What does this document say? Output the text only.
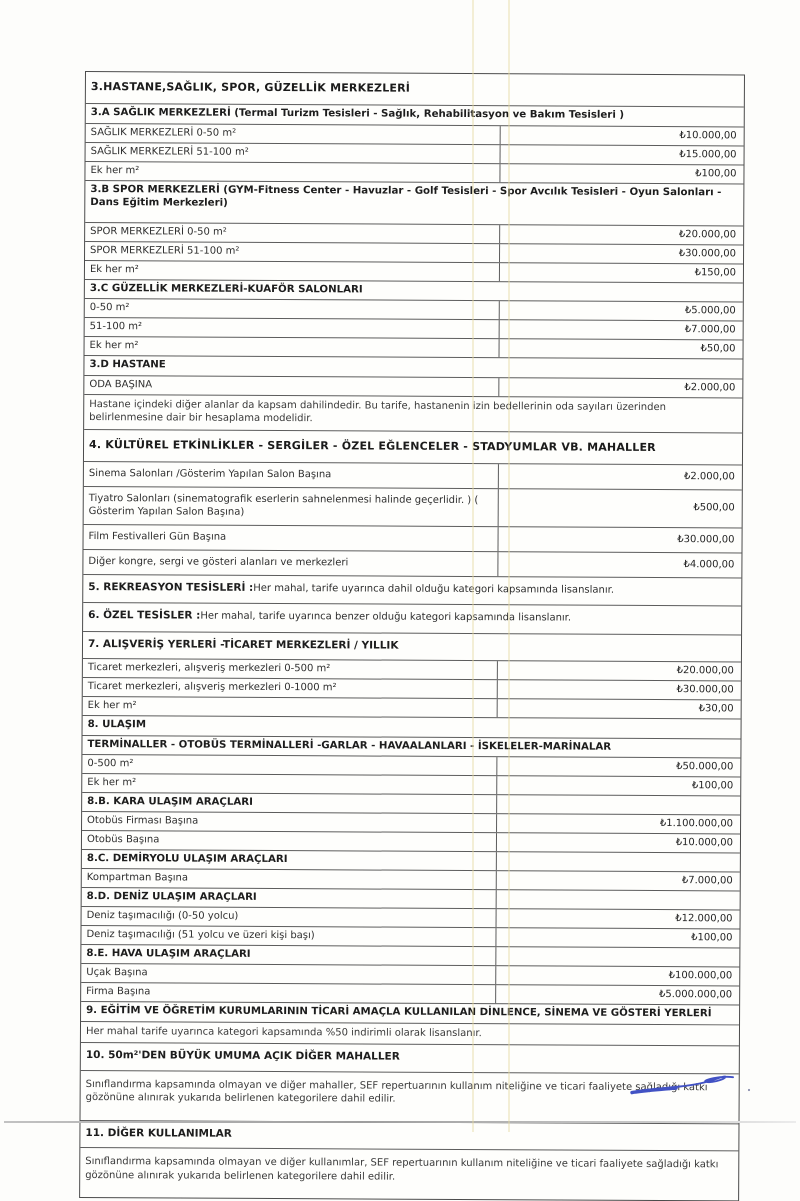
3.HASTANE,SAĞLIK, SPOR, GÜZELLİK MERKEZLERİ
3.A SAĞLIK MERKEZLERİ (Termal Turizm Tesisleri - Sağlık, Rehabilitasyon ve Bakım Tesisleri )
SAĞLIK MERKEZLERİ 0-50 m²	₺10.000,00
SAĞLIK MERKEZLERİ 51-100 m²	₺15.000,00
Ek her m²	₺100,00
3.B SPOR MERKEZLERİ (GYM-Fitness Center - Havuzlar - Golf Tesisleri - Spor Avcılık Tesisleri - Oyun Salonları - Dans Eğitim Merkezleri)
SPOR MERKEZLERİ 0-50 m²	₺20.000,00
SPOR MERKEZLERİ 51-100 m²	₺30.000,00
Ek her m²	₺150,00
3.C GÜZELLİK MERKEZLERİ-KUAFÖR SALONLARI
0-50 m²	₺5.000,00
51-100 m²	₺7.000,00
Ek her m²	₺50,00
3.D HASTANE
ODA BAŞINA	₺2.000,00
Hastane içindeki diğer alanlar da kapsam dahilindedir. Bu tarife, hastanenin izin bedellerinin oda sayıları üzerinden belirlenmesine dair bir hesaplama modelidir.
4. KÜLTÜREL ETKİNLİKLER - SERGİLER - ÖZEL EĞLENCELER - STADYUMLAR VB. MAHALLER
Sinema Salonları /Gösterim Yapılan Salon Başına	₺2.000,00
Tiyatro Salonları (sinematografik eserlerin sahnelenmesi halinde geçerlidir. ) ( Gösterim Yapılan Salon Başına)	₺500,00
Film Festivalleri Gün Başına	₺30.000,00
Diğer kongre, sergi ve gösteri alanları ve merkezleri	₺4.000,00
5. REKREASYON TESİSLERİ :Her mahal, tarife uyarınca dahil olduğu kategori kapsamında lisanslanır.
6. ÖZEL TESİSLER :Her mahal, tarife uyarınca benzer olduğu kategori kapsamında lisanslanır.
7. ALIŞVERİŞ YERLERİ -TİCARET MERKEZLERİ / YILLIK
Ticaret merkezleri, alışveriş merkezleri 0-500 m²	₺20.000,00
Ticaret merkezleri, alışveriş merkezleri 0-1000 m²	₺30.000,00
Ek her m²	₺30,00
8. ULAŞIM
TERMİNALLER - OTOBÜS TERMİNALLERİ -GARLAR - HAVAALANLARI - İSKELELER-MARİNALAR
0-500 m²	₺50.000,00
Ek her m²	₺100,00
8.B. KARA ULAŞIM ARAÇLARI
Otobüs Firması Başına	₺1.100.000,00
Otobüs Başına	₺10.000,00
8.C. DEMİRYOLU ULAŞIM ARAÇLARI
Kompartman Başına	₺7.000,00
8.D. DENİZ ULAŞIM ARAÇLARI
Deniz taşımacılığı (0-50 yolcu)	₺12.000,00
Deniz taşımacılığı (51 yolcu ve üzeri kişi başı)	₺100,00
8.E. HAVA ULAŞIM ARAÇLARI
Uçak Başına	₺100.000,00
Firma Başına	₺5.000.000,00
9. EĞİTİM VE ÖĞRETİM KURUMLARININ TİCARİ AMAÇLA KULLANILAN DİNLENCE, SİNEMA VE GÖSTERİ YERLERİ
Her mahal tarife uyarınca kategori kapsamında %50 indirimli olarak lisanslanır.
10. 50m²'DEN BÜYÜK UMUMA AÇIK DİĞER MAHALLER
Sınıflandırma kapsamında olmayan ve diğer mahaller, SEF repertuarının kullanım niteliğine ve ticari faaliyete sağladığı katkı gözönüne alınırak yukarıda belirlenen kategorilere dahil edilir.
11. DİĞER KULLANIMLAR
Sınıflandırma kapsamında olmayan ve diğer kullanımlar, SEF repertuarının kullanım niteliğine ve ticari faaliyete sağladığı katkı gözönüne alınırak yukarıda belirlenen kategorilere dahil edilir.
